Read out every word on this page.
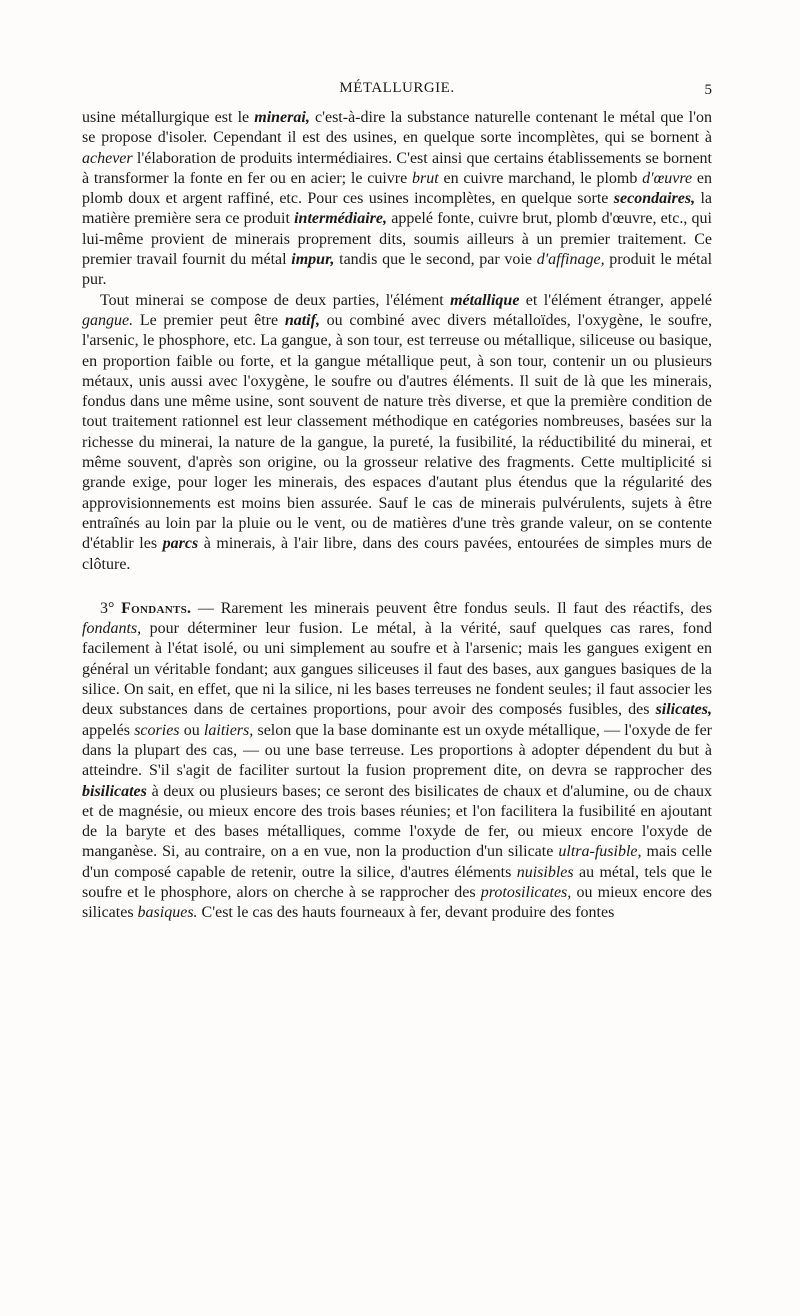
MÉTALLURGIE.	5

usine métallurgique est le minerai, c'est-à-dire la substance naturelle contenant le métal que l'on se propose d'isoler. Cependant il est des usines, en quelque sorte incomplètes, qui se bornent à achever l'élaboration de produits intermédiaires. C'est ainsi que certains établissements se bornent à transformer la fonte en fer ou en acier; le cuivre brut en cuivre marchand, le plomb d'œuvre en plomb doux et argent raffiné, etc. Pour ces usines incomplètes, en quelque sorte secondaires, la matière première sera ce produit intermédiaire, appelé fonte, cuivre brut, plomb d'œuvre, etc., qui lui-même provient de minerais proprement dits, soumis ailleurs à un premier traitement. Ce premier travail fournit du métal impur, tandis que le second, par voie d'affinage, produit le métal pur.

Tout minerai se compose de deux parties, l'élément métallique et l'élément étranger, appelé gangue. Le premier peut être natif, ou combiné avec divers métalloïdes, l'oxygène, le soufre, l'arsenic, le phosphore, etc. La gangue, à son tour, est terreuse ou métallique, siliceuse ou basique, en proportion faible ou forte, et la gangue métallique peut, à son tour, contenir un ou plusieurs métaux, unis aussi avec l'oxygène, le soufre ou d'autres éléments. Il suit de là que les minerais, fondus dans une même usine, sont souvent de nature très diverse, et que la première condition de tout traitement rationnel est leur classement méthodique en catégories nombreuses, basées sur la richesse du minerai, la nature de la gangue, la pureté, la fusibilité, la réductibilité du minerai, et même souvent, d'après son origine, ou la grosseur relative des fragments. Cette multiplicité si grande exige, pour loger les minerais, des espaces d'autant plus étendus que la régularité des approvisionnements est moins bien assurée. Sauf le cas de minerais pulvérulents, sujets à être entraînés au loin par la pluie ou le vent, ou de matières d'une très grande valeur, on se contente d'établir les parcs à minerais, à l'air libre, dans des cours pavées, entourées de simples murs de clôture.

3° Fondants. — Rarement les minerais peuvent être fondus seuls. Il faut des réactifs, des fondants, pour déterminer leur fusion. Le métal, à la vérité, sauf quelques cas rares, fond facilement à l'état isolé, ou uni simplement au soufre et à l'arsenic; mais les gangues exigent en général un véritable fondant; aux gangues siliceuses il faut des bases, aux gangues basiques de la silice. On sait, en effet, que ni la silice, ni les bases terreuses ne fondent seules; il faut associer les deux substances dans de certaines proportions, pour avoir des composés fusibles, des silicates, appelés scories ou laitiers, selon que la base dominante est un oxyde métallique, — l'oxyde de fer dans la plupart des cas, — ou une base terreuse. Les proportions à adopter dépendent du but à atteindre. S'il s'agit de faciliter surtout la fusion proprement dite, on devra se rapprocher des bisilicates à deux ou plusieurs bases; ce seront des bisilicates de chaux et d'alumine, ou de chaux et de magnésie, ou mieux encore des trois bases réunies; et l'on facilitera la fusibilité en ajoutant de la baryte et des bases métalliques, comme l'oxyde de fer, ou mieux encore l'oxyde de manganèse. Si, au contraire, on a en vue, non la production d'un silicate ultra-fusible, mais celle d'un composé capable de retenir, outre la silice, d'autres éléments nuisibles au métal, tels que le soufre et le phosphore, alors on cherche à se rapprocher des protosilicates, ou mieux encore des silicates basiques. C'est le cas des hauts fourneaux à fer, devant produire des fontes
